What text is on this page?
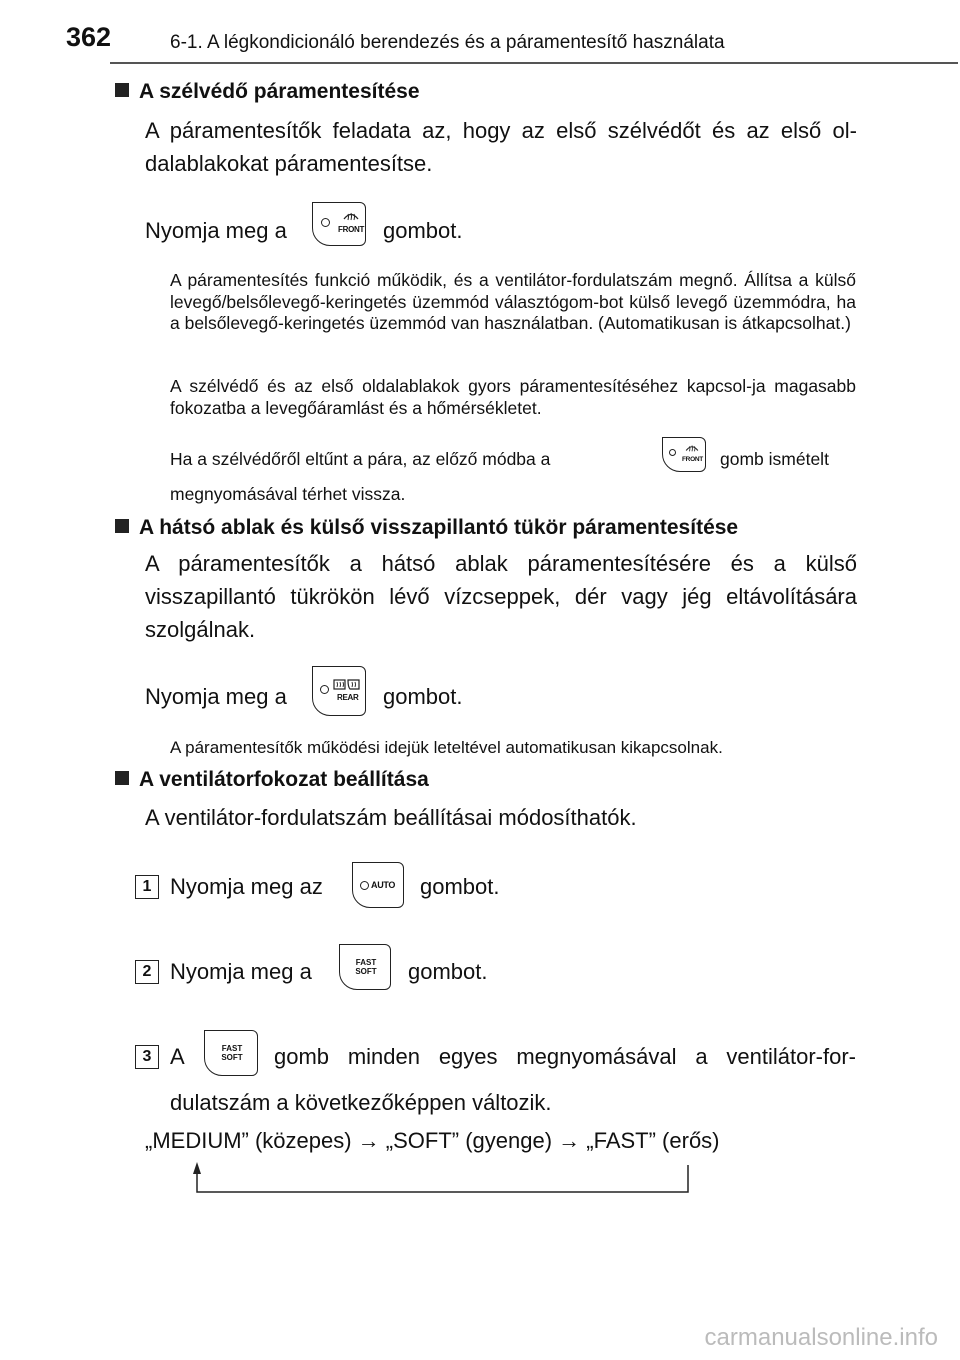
362	6-1. A légkondicionáló berendezés és a páramentesítő használata
A szélvédő páramentesítése
A páramentesítők feladata az, hogy az első szélvédőt és az első ol-dalablakokat páramentesítse.
Nyomja meg a	FRONT gombot.
A páramentesítés funkció működik, és a ventilátor-fordulatszám megnő. Állítsa a külső levegő/belsőlevegő-keringetés üzemmód választógom-bot külső levegő üzemmódra, ha a belsőlevegő-keringetés üzemmód van használatban. (Automatikusan is átkapcsolhat.)
A szélvédő és az első oldalablakok gyors páramentesítéséhez kapcsol-ja magasabb fokozatba a levegőáramlást és a hőmérsékletet.
Ha a szélvédőről eltűnt a pára, az előző módba a	FRONT gomb ismételt
megnyomásával térhet vissza.
A hátsó ablak és külső visszapillantó tükör páramentesítése
A páramentesítők a hátsó ablak páramentesítésére és a külső visszapillantó tükrökön lévő vízcseppek, dér vagy jég eltávolítására szolgálnak.
Nyomja meg a	REAR gombot.
A páramentesítők működési idejük leteltével automatikusan kikapcsolnak.
A ventilátorfokozat beállítása
A ventilátor-fordulatszám beállításai módosíthatók.
1 Nyomja meg az	AUTO gombot.
2 Nyomja meg a	FAST
SOFT	gombot.
3 A	FAST
SOFT	gomb minden egyes megnyomásával a ventilátor-for-
dulatszám a következőképpen változik.
„MEDIUM” (közepes) → „SOFT” (gyenge) → „FAST” (erős)
carmanualsonline.info
